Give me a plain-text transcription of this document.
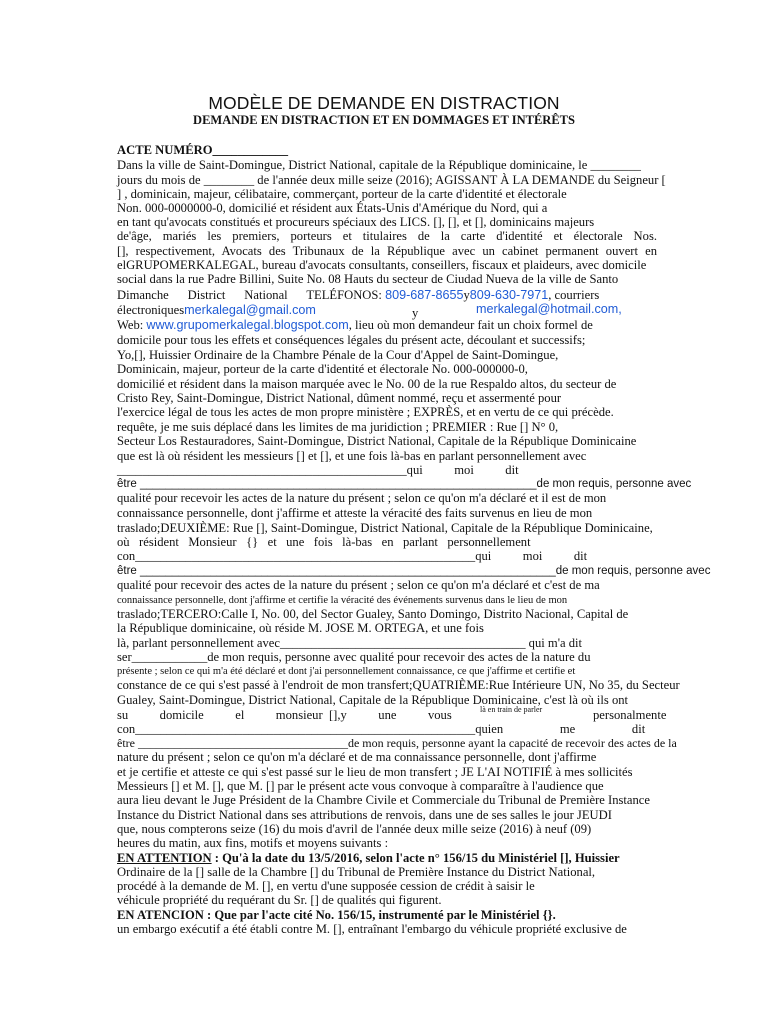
MODÈLE DE DEMANDE EN DISTRACTION
DEMANDE EN DISTRACTION ET EN DOMMAGES ET INTÉRÊTS
ACTE NUMÉRO____________
Dans la ville de Saint-Domingue, District National, capitale de la République dominicaine, le ________
jours du mois de ________ de l'année deux mille seize (2016); AGISSANT À LA DEMANDE du Seigneur [
] , dominicain, majeur, célibataire, commerçant, porteur de la carte d'identité et électorale
Non. 000-0000000-0, domicilié et résident aux États-Unis d'Amérique du Nord, qui a
en tant qu'avocats constitués et procureurs spéciaux des LICS. [], [], et [], dominicains majeurs
de'âge, mariés les premiers, porteurs et titulaires de la carte d'identité et électorale Nos.
[], respectivement, Avocats des Tribunaux de la République avec un cabinet permanent ouvert en
elGRUPOMERKALEGAL, bureau d'avocats consultants, conseillers, fiscaux et plaideurs, avec domicile
social dans la rue Padre Billini, Suite No. 08 Hauts du secteur de Ciudad Nueva de la ville de Santo
Dimanche      District      National      TELÉFONOS: 809-687-8655y809-630-7971, courriers
électroniquesmerkalegal@gmail.com	y	merkalegal@hotmail.com,
Web: www.grupomerkalegal.blogspot.com, lieu où mon demandeur fait un choix formel de
domicile pour tous les effets et conséquences légales du présent acte, découlant et successifs;
Yo,[], Huissier Ordinaire de la Chambre Pénale de la Cour d'Appel de Saint-Domingue,
Dominicain, majeur, porteur de la carte d'identité et électorale No. 000-000000-0,
domicilié et résident dans la maison marquée avec le No. 00 de la rue Respaldo altos, du secteur de
Cristo Rey, Saint-Domingue, District National, dûment nommé, reçu et assermenté pour
l'exercice légal de tous les actes de mon propre ministère ; EXPRÈS, et en vertu de ce qui précède.
requête, je me suis déplacé dans les limites de ma juridiction ; PREMIER : Rue [] N° 0,
Secteur Los Restauradores, Saint-Domingue, District National, Capitale de la République Dominicaine
que est là où résident les messieurs [] et [], et une fois là-bas en parlant personnellement avec
______________________________________________qui          moi          dit
être ______________________________________________________________de mon requis, personne avec
qualité pour recevoir les actes de la nature du présent ; selon ce qu'on m'a déclaré et il est de mon
connaissance personnelle, dont j'affirme et atteste la véracité des faits survenus en lieu de mon
traslado;DEUXIÈME: Rue [], Saint-Domingue, District National, Capitale de la République Dominicaine,
où   résident   Monsieur   {}   et   une   fois   là-bas   en   parlant   personnellement
con______________________________________________________qui          moi          dit
être _________________________________________________________________de mon requis, personne avec
qualité pour recevoir des actes de la nature du présent ; selon ce qu'on m'a déclaré et c'est de ma
connaissance personnelle, dont j'affirme et certifie la véracité des événements survenus dans le lieu de mon
traslado;TERCERO:Calle I, No. 00, del Sector Gualey, Santo Domingo, Distrito Nacional, Capital de
la République dominicaine, où réside M. JOSE M. ORTEGA, et une fois
là, parlant personnellement avec_______________________________________ qui m'a dit
ser____________de mon requis, personne avec qualité pour recevoir des actes de la nature du
présente ; selon ce qui m'a été déclaré et dont j'ai personnellement connaissance, ce que j'affirme et certifie et
constance de ce qui s'est passé à l'endroit de mon transfert;QUATRIÈME:Rue Intérieure UN, No 35, du Secteur
Gualey, Saint-Domingue, District National, Capitale de la République Dominicaine, c'est là où ils ont
su          domicile          el          monsieur  [],y          une          vous	là en train de parler	personalmente
con______________________________________________________quien                  me                  dit
être ___________________________________de mon requis, personne ayant la capacité de recevoir des actes de la
nature du présent ; selon ce qu'on m'a déclaré et de ma connaissance personnelle, dont j'affirme
et je certifie et atteste ce qui s'est passé sur le lieu de mon transfert ; JE L'AI NOTIFIÉ à mes sollicités
Messieurs [] et M. [], que M. [] par le présent acte vous convoque à comparaître à l'audience que
aura lieu devant le Juge Président de la Chambre Civile et Commerciale du Tribunal de Première Instance
Instance du District National dans ses attributions de renvois, dans une de ses salles le jour JEUDI
que, nous compterons seize (16) du mois d'avril de l'année deux mille seize (2016) à neuf (09)
heures du matin, aux fins, motifs et moyens suivants :
EN ATTENTION : Qu'à la date du 13/5/2016, selon l'acte n° 156/15 du Ministériel [], Huissier
Ordinaire de la [] salle de la Chambre [] du Tribunal de Première Instance du District National,
procédé à la demande de M. [], en vertu d'une supposée cession de crédit à saisir le
véhicule propriété du requérant du Sr. [] de qualités qui figurent.
EN ATENCION : Que par l'acte cité No. 156/15, instrumenté par le Ministériel {}.
un embargo exécutif a été établi contre M. [], entraînant l'embargo du véhicule propriété exclusive de
